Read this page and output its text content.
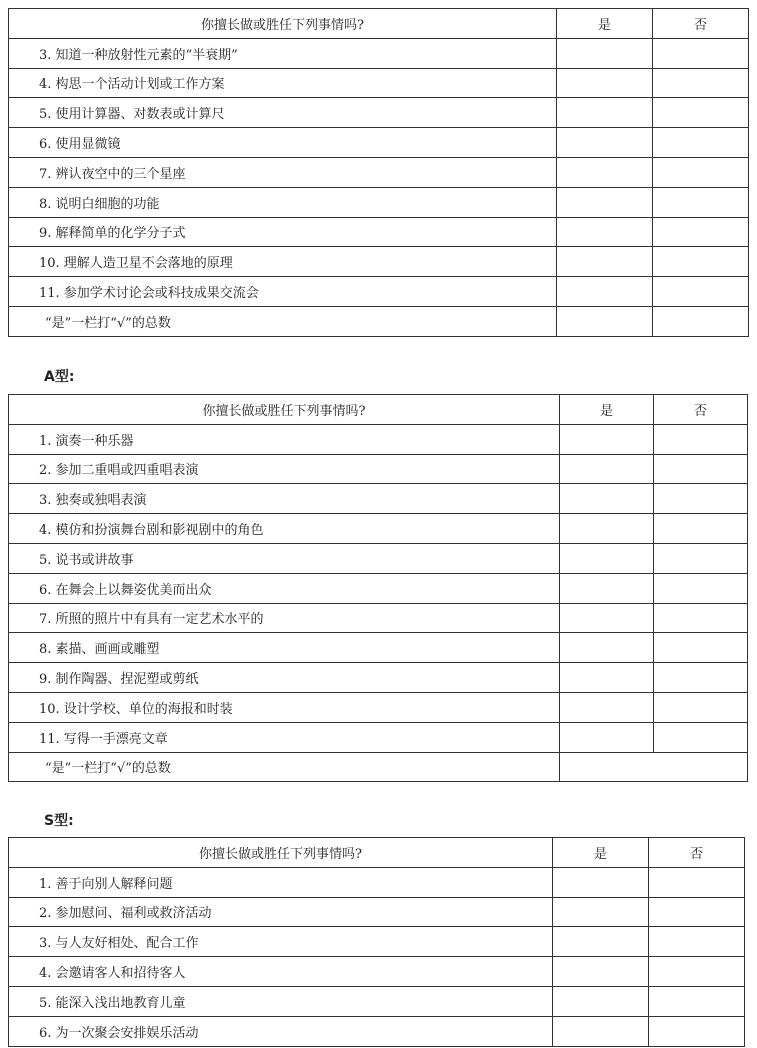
你擅长做或胜任下列事情吗?	是	否
3. 知道一种放射性元素的“半衰期”		
4. 构思一个活动计划或工作方案		
5. 使用计算器、对数表或计算尺		
6. 使用显微镜		
7. 辨认夜空中的三个星座		
8. 说明白细胞的功能		
9. 解释简单的化学分子式		
10. 理解人造卫星不会落地的原理		
11. 参加学术讨论会或科技成果交流会		
“是”一栏打“√”的总数		
A型:
你擅长做或胜任下列事情吗?	是	否
1. 演奏一种乐器		
2. 参加二重唱或四重唱表演		
3. 独奏或独唱表演		
4. 模仿和扮演舞台剧和影视剧中的角色		
5. 说书或讲故事		
6. 在舞会上以舞姿优美而出众		
7. 所照的照片中有具有一定艺术水平的		
8. 素描、画画或雕塑		
9. 制作陶器、捏泥塑或剪纸		
10. 设计学校、单位的海报和时装		
11. 写得一手漂亮文章		
“是”一栏打“√”的总数		
S型:
你擅长做或胜任下列事情吗?	是	否
1. 善于向别人解释问题		
2. 参加慰问、福利或救济活动		
3. 与人友好相处、配合工作		
4. 会邀请客人和招待客人		
5. 能深入浅出地教育儿童		
6. 为一次聚会安排娱乐活动		
